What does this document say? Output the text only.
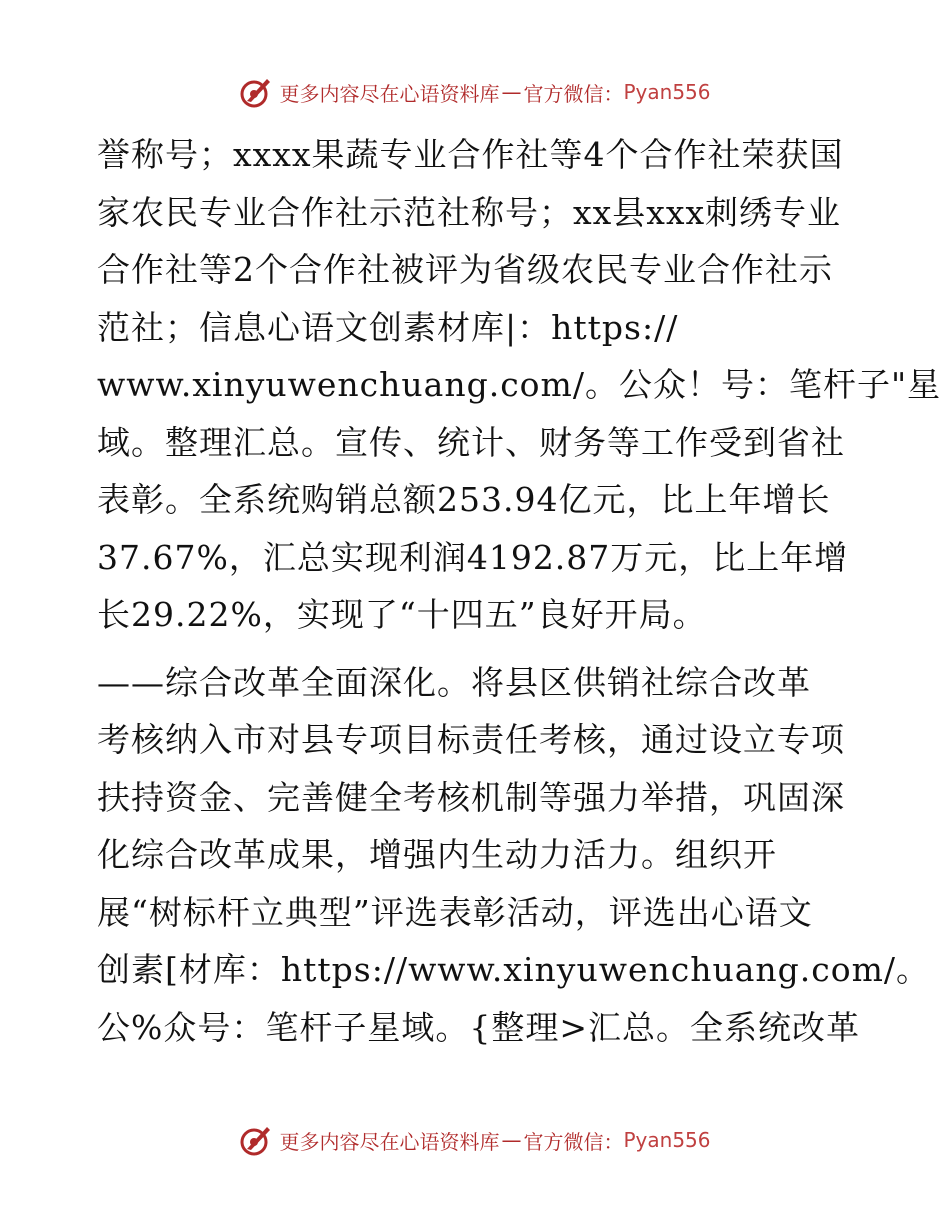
更多内容尽在心语资料库 — 官方微信： Pyan556
誉称号；xxxx果蔬专业合作社等4个合作社荣获国
家农民专业合作社示范社称号；xx县xxx刺绣专业
合作社等2个合作社被评为省级农民专业合作社示
范社；信息心语文创素材库|：https://
www.xinyuwenchuang.com/。公众！号：笔杆子"星
域。整理汇总。宣传、统计、财务等工作受到省社
表彰。全系统购销总额253.94亿元，比上年增长
37.67%，汇总实现利润4192.87万元，比上年增
长29.22%，实现了“十四五”良好开局。
——综合改革全面深化。将县区供销社综合改革
考核纳入市对县专项目标责任考核，通过设立专项
扶持资金、完善健全考核机制等强力举措，巩固深
化综合改革成果，增强内生动力活力。组织开
展“树标杆立典型”评选表彰活动，评选出心语文
创素[材库：https://www.xinyuwenchuang.com/。
公%众号：笔杆子星域。{整理>汇总。全系统改革
更多内容尽在心语资料库 — 官方微信： Pyan556
